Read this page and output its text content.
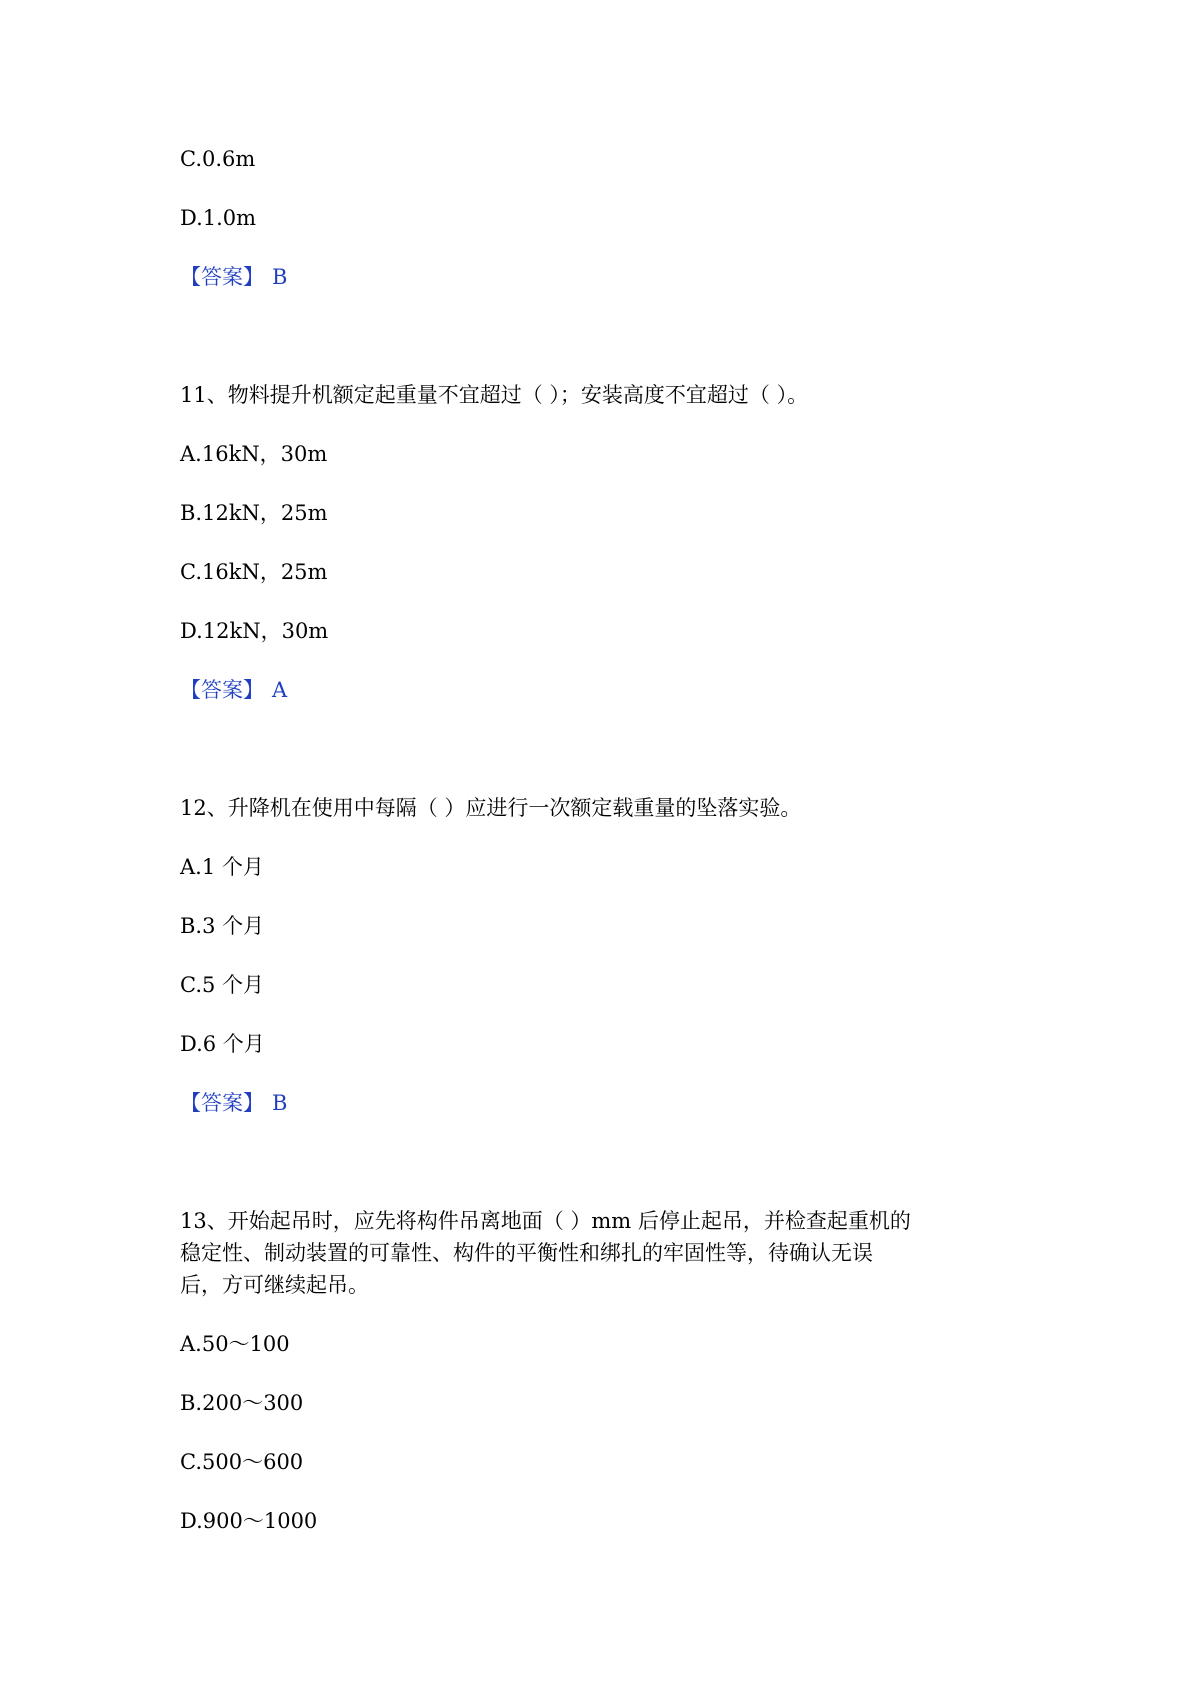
C.0.6m
D.1.0m
【答案】 B
11、物料提升机额定起重量不宜超过（ ）；安装高度不宜超过（ ）。
A.16kN，30m
B.12kN，25m
C.16kN，25m
D.12kN，30m
【答案】 A
12、升降机在使用中每隔（ ）应进行一次额定载重量的坠落实验。
A.1 个月
B.3 个月
C.5 个月
D.6 个月
【答案】 B
13、开始起吊时，应先将构件吊离地面（ ）mm 后停止起吊，并检查起重机的
稳定性、制动装置的可靠性、构件的平衡性和绑扎的牢固性等，待确认无误
后，方可继续起吊。
A.50～100
B.200～300
C.500～600
D.900～1000
